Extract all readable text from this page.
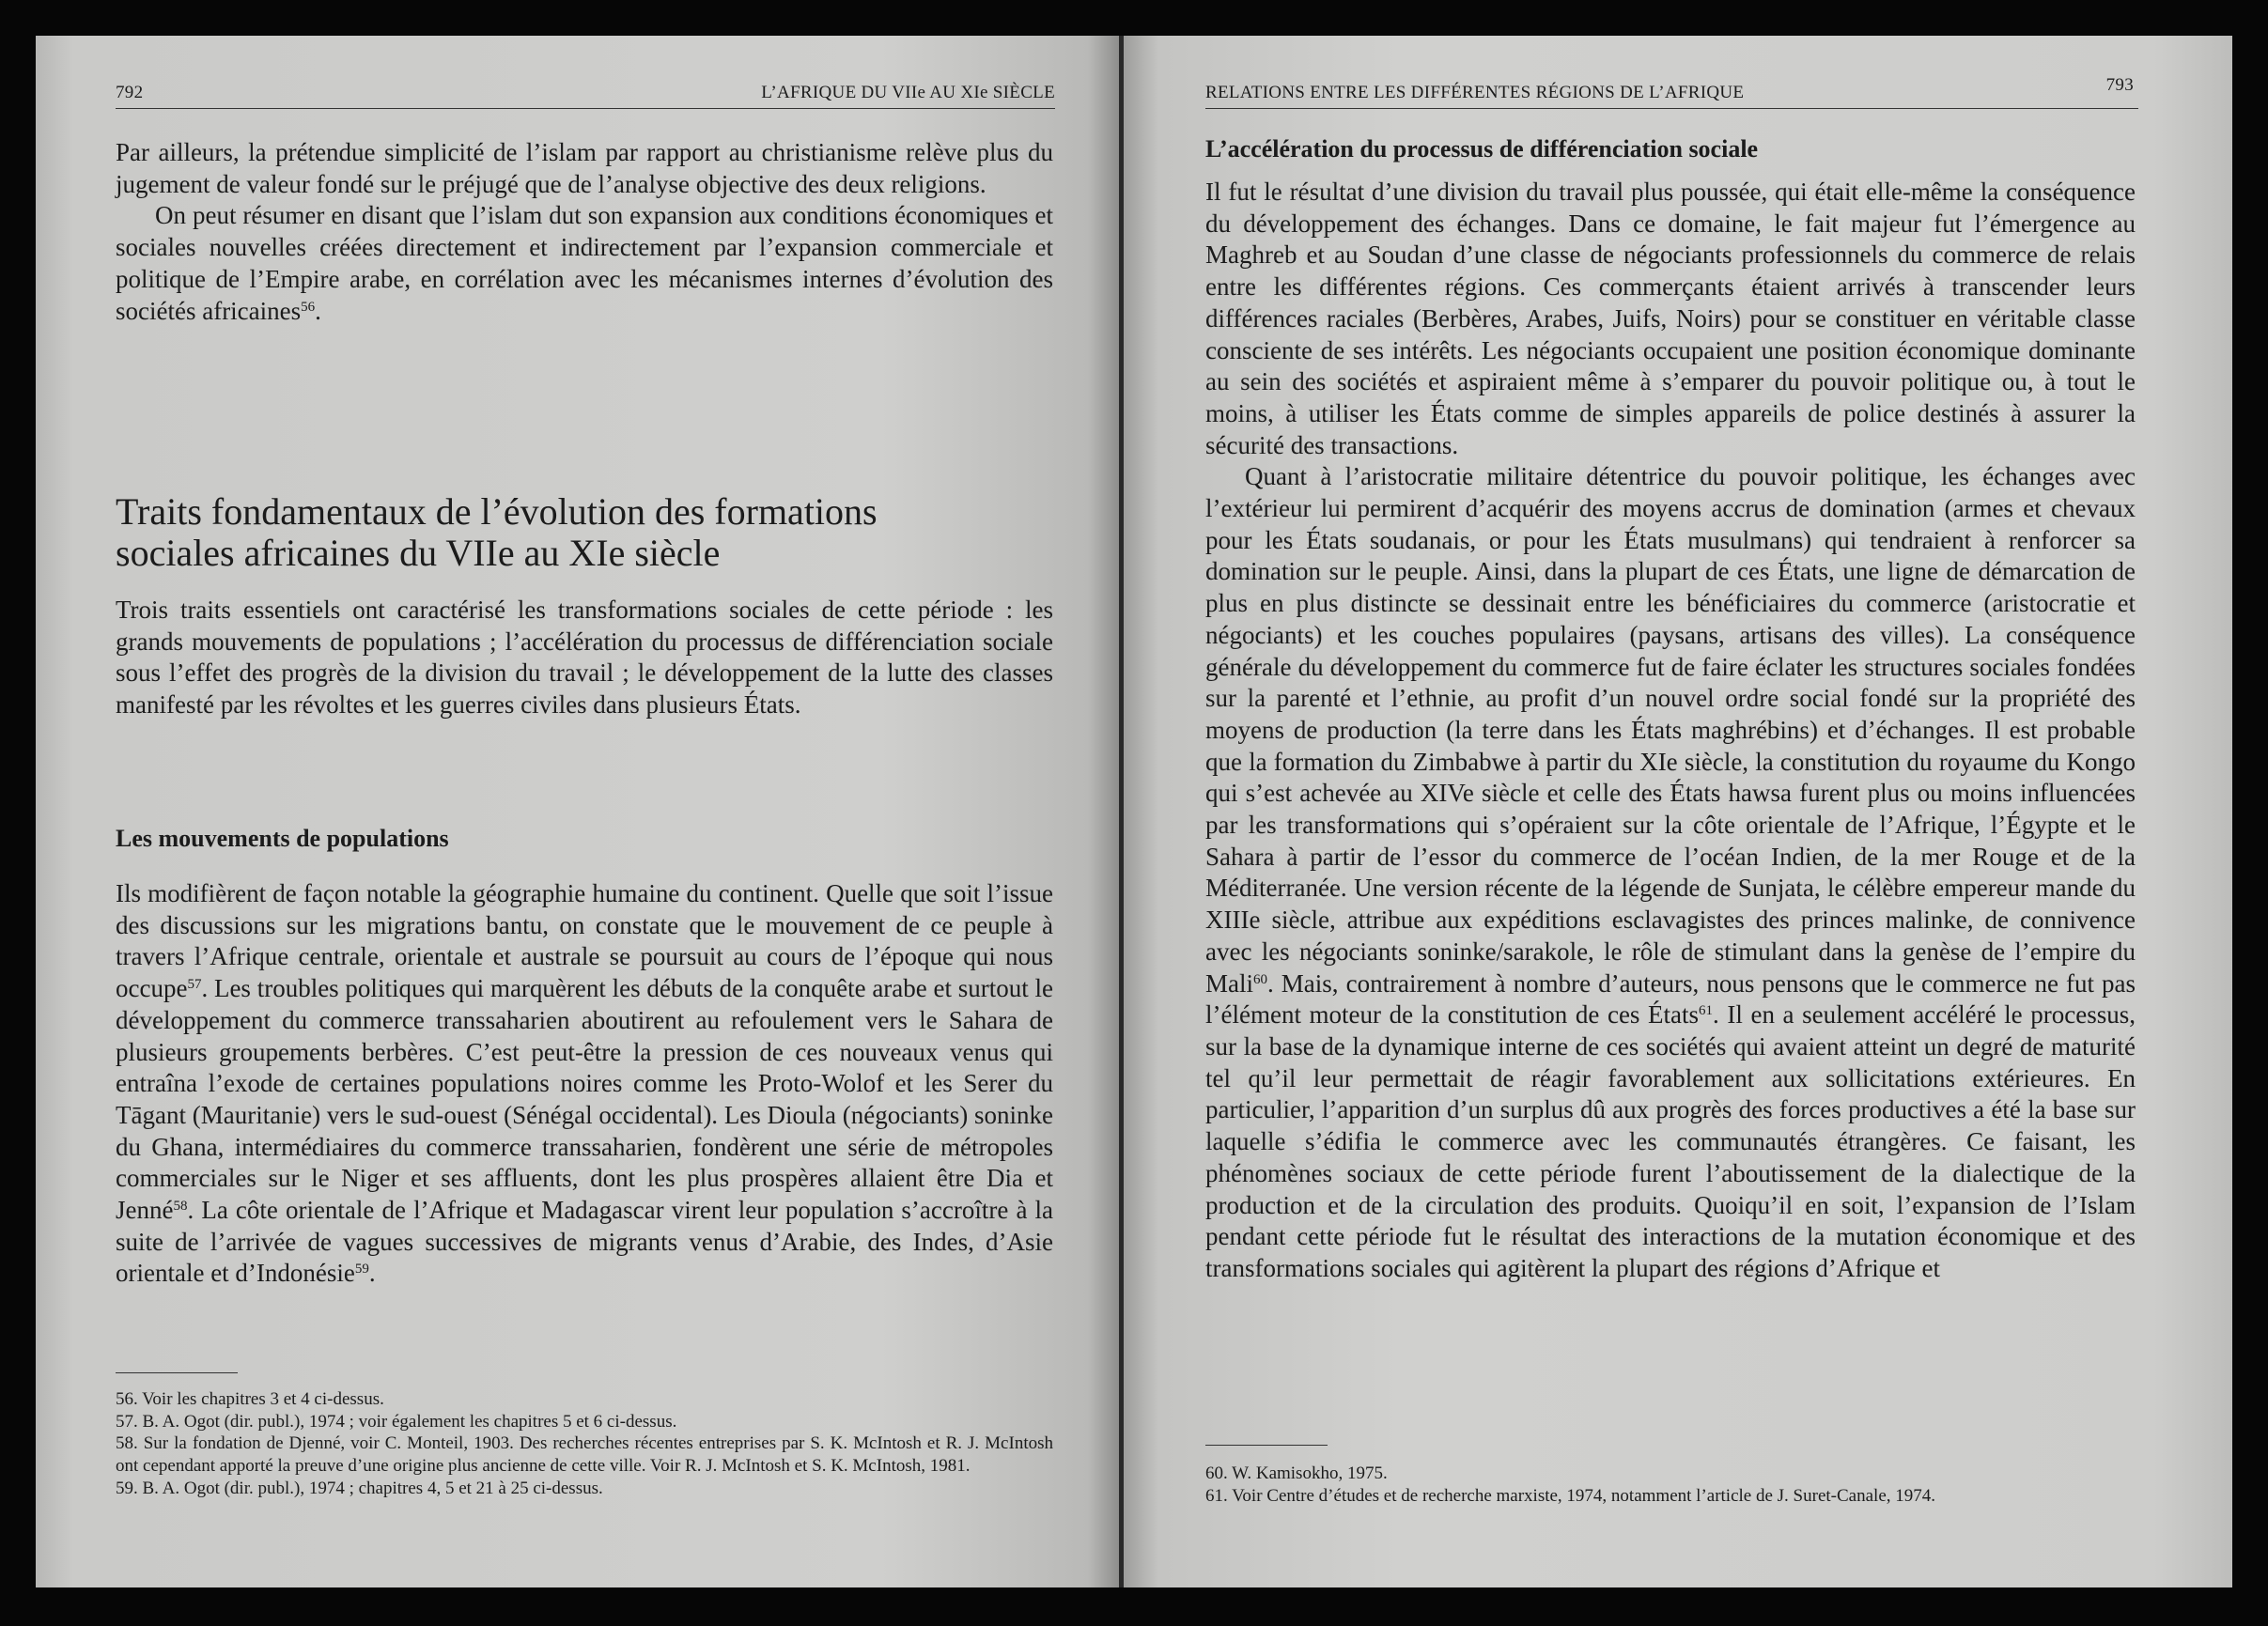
792	L’AFRIQUE DU VIIe AU XIe SIÈCLE

Par ailleurs, la prétendue simplicité de l’islam par rapport au christianisme relève plus du jugement de valeur fondé sur le préjugé que de l’analyse objective des deux religions.

On peut résumer en disant que l’islam dut son expansion aux conditions économiques et sociales nouvelles créées directement et indirectement par l’expansion commerciale et politique de l’Empire arabe, en corrélation avec les mécanismes internes d’évolution des sociétés africaines$^{56}$.

Traits fondamentaux de l’évolution des formations
sociales africaines du VIIe au XIe siècle

Trois traits essentiels ont caractérisé les transformations sociales de cette période : les grands mouvements de populations ; l’accélération du processus de différenciation sociale sous l’effet des progrès de la division du travail ; le développement de la lutte des classes manifesté par les révoltes et les guerres civiles dans plusieurs États.

Les mouvements de populations

Ils modifièrent de façon notable la géographie humaine du continent. Quelle que soit l’issue des discussions sur les migrations bantu, on constate que le mouvement de ce peuple à travers l’Afrique centrale, orientale et australe se poursuit au cours de l’époque qui nous occupe$^{57}$. Les troubles politiques qui marquèrent les débuts de la conquête arabe et surtout le développement du commerce transsaharien aboutirent au refoulement vers le Sahara de plusieurs groupements berbères. C’est peut-être la pression de ces nouveaux venus qui entraîna l’exode de certaines populations noires comme les Proto-Wolof et les Serer du Tāgant (Mauritanie) vers le sud-ouest (Sénégal occidental). Les Dioula (négociants) soninke du Ghana, intermédiaires du commerce transsaharien, fondèrent une série de métropoles commerciales sur le Niger et ses affluents, dont les plus prospères allaient être Dia et Jenné$^{58}$. La côte orientale de l’Afrique et Madagascar virent leur population s’accroître à la suite de l’arrivée de vagues successives de migrants venus d’Arabie, des Indes, d’Asie orientale et d’Indonésie$^{59}$.

56. Voir les chapitres 3 et 4 ci-dessus.

57. B. A. Ogot (dir. publ.), 1974 ; voir également les chapitres 5 et 6 ci-dessus.

58. Sur la fondation de Djenné, voir C. Monteil, 1903. Des recherches récentes entreprises par S. K. McIntosh et R. J. McIntosh ont cependant apporté la preuve d’une origine plus ancienne de cette ville. Voir R. J. McIntosh et S. K. McIntosh, 1981.

59. B. A. Ogot (dir. publ.), 1974 ; chapitres 4, 5 et 21 à 25 ci-dessus.

RELATIONS ENTRE LES DIFFÉRENTES RÉGIONS DE L’AFRIQUE	793
L’accélération du processus de différenciation sociale

Il fut le résultat d’une division du travail plus poussée, qui était elle-même la conséquence du développement des échanges. Dans ce domaine, le fait majeur fut l’émergence au Maghreb et au Soudan d’une classe de négociants professionnels du commerce de relais entre les différentes régions. Ces commerçants étaient arrivés à transcender leurs différences raciales (Berbères, Arabes, Juifs, Noirs) pour se constituer en véritable classe consciente de ses intérêts. Les négociants occupaient une position économique dominante au sein des sociétés et aspiraient même à s’emparer du pouvoir politique ou, à tout le moins, à utiliser les États comme de simples appareils de police destinés à assurer la sécurité des transactions.

Quant à l’aristocratie militaire détentrice du pouvoir politique, les échanges avec l’extérieur lui permirent d’acquérir des moyens accrus de domination (armes et chevaux pour les États soudanais, or pour les États musulmans) qui tendraient à renforcer sa domination sur le peuple. Ainsi, dans la plupart de ces États, une ligne de démarcation de plus en plus distincte se dessinait entre les bénéficiaires du commerce (aristocratie et négociants) et les couches populaires (paysans, artisans des villes). La conséquence générale du développement du commerce fut de faire éclater les structures sociales fondées sur la parenté et l’ethnie, au profit d’un nouvel ordre social fondé sur la propriété des moyens de production (la terre dans les États maghrébins) et d’échanges. Il est probable que la formation du Zimbabwe à partir du XIe siècle, la constitution du royaume du Kongo qui s’est achevée au XIVe siècle et celle des États hawsa furent plus ou moins influencées par les transformations qui s’opéraient sur la côte orientale de l’Afrique, l’Égypte et le Sahara à partir de l’essor du commerce de l’océan Indien, de la mer Rouge et de la Méditerranée. Une version récente de la légende de Sunjata, le célèbre empereur mande du XIIIe siècle, attribue aux expéditions esclavagistes des princes malinke, de connivence avec les négociants soninke/sarakole, le rôle de stimulant dans la genèse de l’empire du Mali$^{60}$. Mais, contrairement à nombre d’auteurs, nous pensons que le commerce ne fut pas l’élément moteur de la constitution de ces États$^{61}$. Il en a seulement accéléré le processus, sur la base de la dynamique interne de ces sociétés qui avaient atteint un degré de maturité tel qu’il leur permettait de réagir favorablement aux sollicitations extérieures. En particulier, l’apparition d’un surplus dû aux progrès des forces productives a été la base sur laquelle s’édifia le commerce avec les communautés étrangères. Ce faisant, les phénomènes sociaux de cette période furent l’aboutissement de la dialectique de la production et de la circulation des produits. Quoiqu’il en soit, l’expansion de l’Islam pendant cette période fut le résultat des interactions de la mutation économique et des transformations sociales qui agitèrent la plupart des régions d’Afrique et

60. W. Kamisokho, 1975.

61. Voir Centre d’études et de recherche marxiste, 1974, notamment l’article de J. Suret-Canale, 1974.
